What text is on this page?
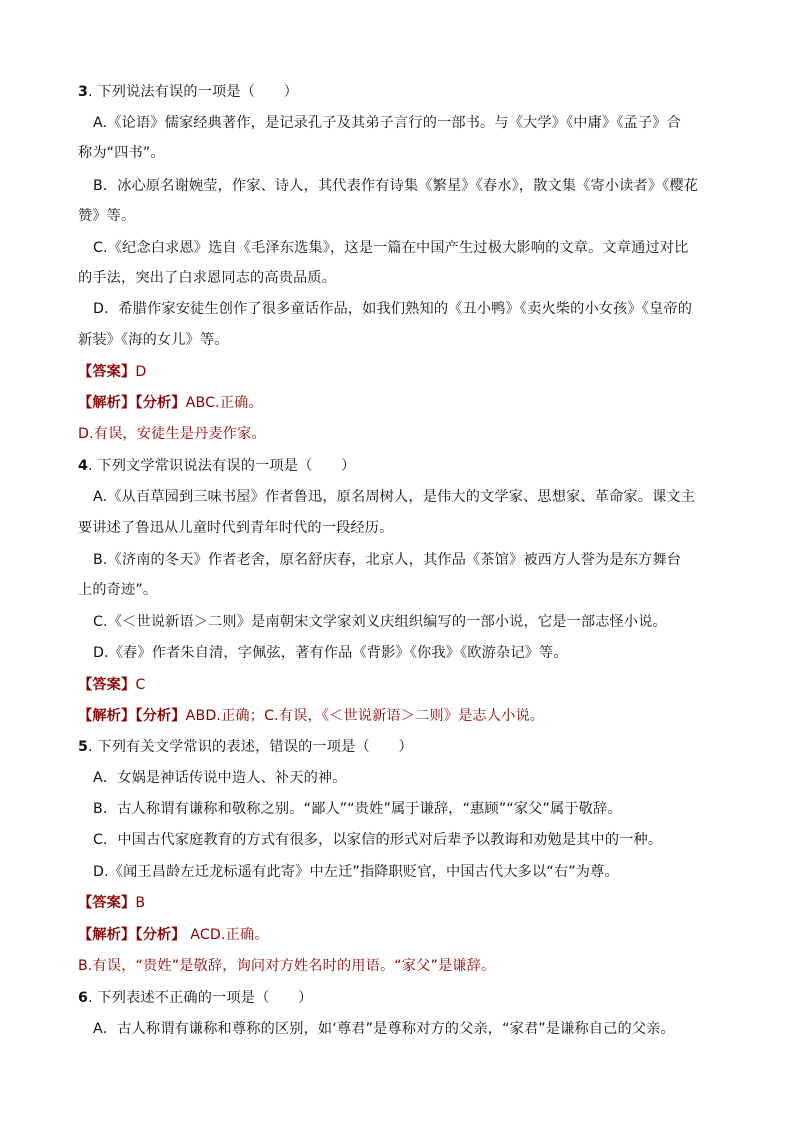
3. 下列说法有误的一项是（　　）
A.《论语》儒家经典著作，是记录孔子及其弟子言行的一部书。与《大学》《中庸》《孟子》合
称为“四书”。
B．冰心原名谢婉莹，作家、诗人，其代表作有诗集《繁星》《春水》，散文集《寄小读者》《樱花
赞》等。
C.《纪念白求恩》选自《毛泽东选集》，这是一篇在中国产生过极大影响的文章。文章通过对比
的手法，突出了白求恩同志的高贵品质。
D．希腊作家安徒生创作了很多童话作品，如我们熟知的《丑小鸭》《卖火柴的小女孩》《皇帝的
新装》《海的女儿》等。
【答案】D
【解析】【分析】ABC.正确。
D.有误，安徒生是丹麦作家。
4. 下列文学常识说法有误的一项是（　　）
A.《从百草园到三味书屋》作者鲁迅，原名周树人，是伟大的文学家、思想家、革命家。课文主
要讲述了鲁迅从儿童时代到青年时代的一段经历。
B.《济南的冬天》作者老舍，原名舒庆春，北京人，其作品《茶馆》被西方人誉为是东方舞台
上的奇迹”。
C.《＜世说新语＞二则》是南朝宋文学家刘义庆组织编写的一部小说，它是一部志怪小说。
D.《春》作者朱自清，字佩弦，著有作品《背影》《你我》《欧游杂记》等。
【答案】C
【解析】【分析】ABD.正确；C.有误，《＜世说新语＞二则》是志人小说。
5. 下列有关文学常识的表述，错误的一项是（　　）
A．女娲是神话传说中造人、补天的神。
B．古人称谓有谦称和敬称之别。“鄙人”“贵姓”属于谦辞，“惠顾”“家父”属于敬辞。
C．中国古代家庭教育的方式有很多，以家信的形式对后辈予以教诲和劝勉是其中的一种。
D.《闻王昌龄左迁龙标遥有此寄》中左迁”指降职贬官，中国古代大多以“右”为尊。
【答案】B
【解析】【分析】 ACD.正确。
B.有误，“贵姓”是敬辞，询问对方姓名时的用语。“家父”是谦辞。
6. 下列表述不正确的一项是（　　）
A．古人称谓有谦称和尊称的区别，如‘尊君”是尊称对方的父亲，“家君”是谦称自己的父亲。
